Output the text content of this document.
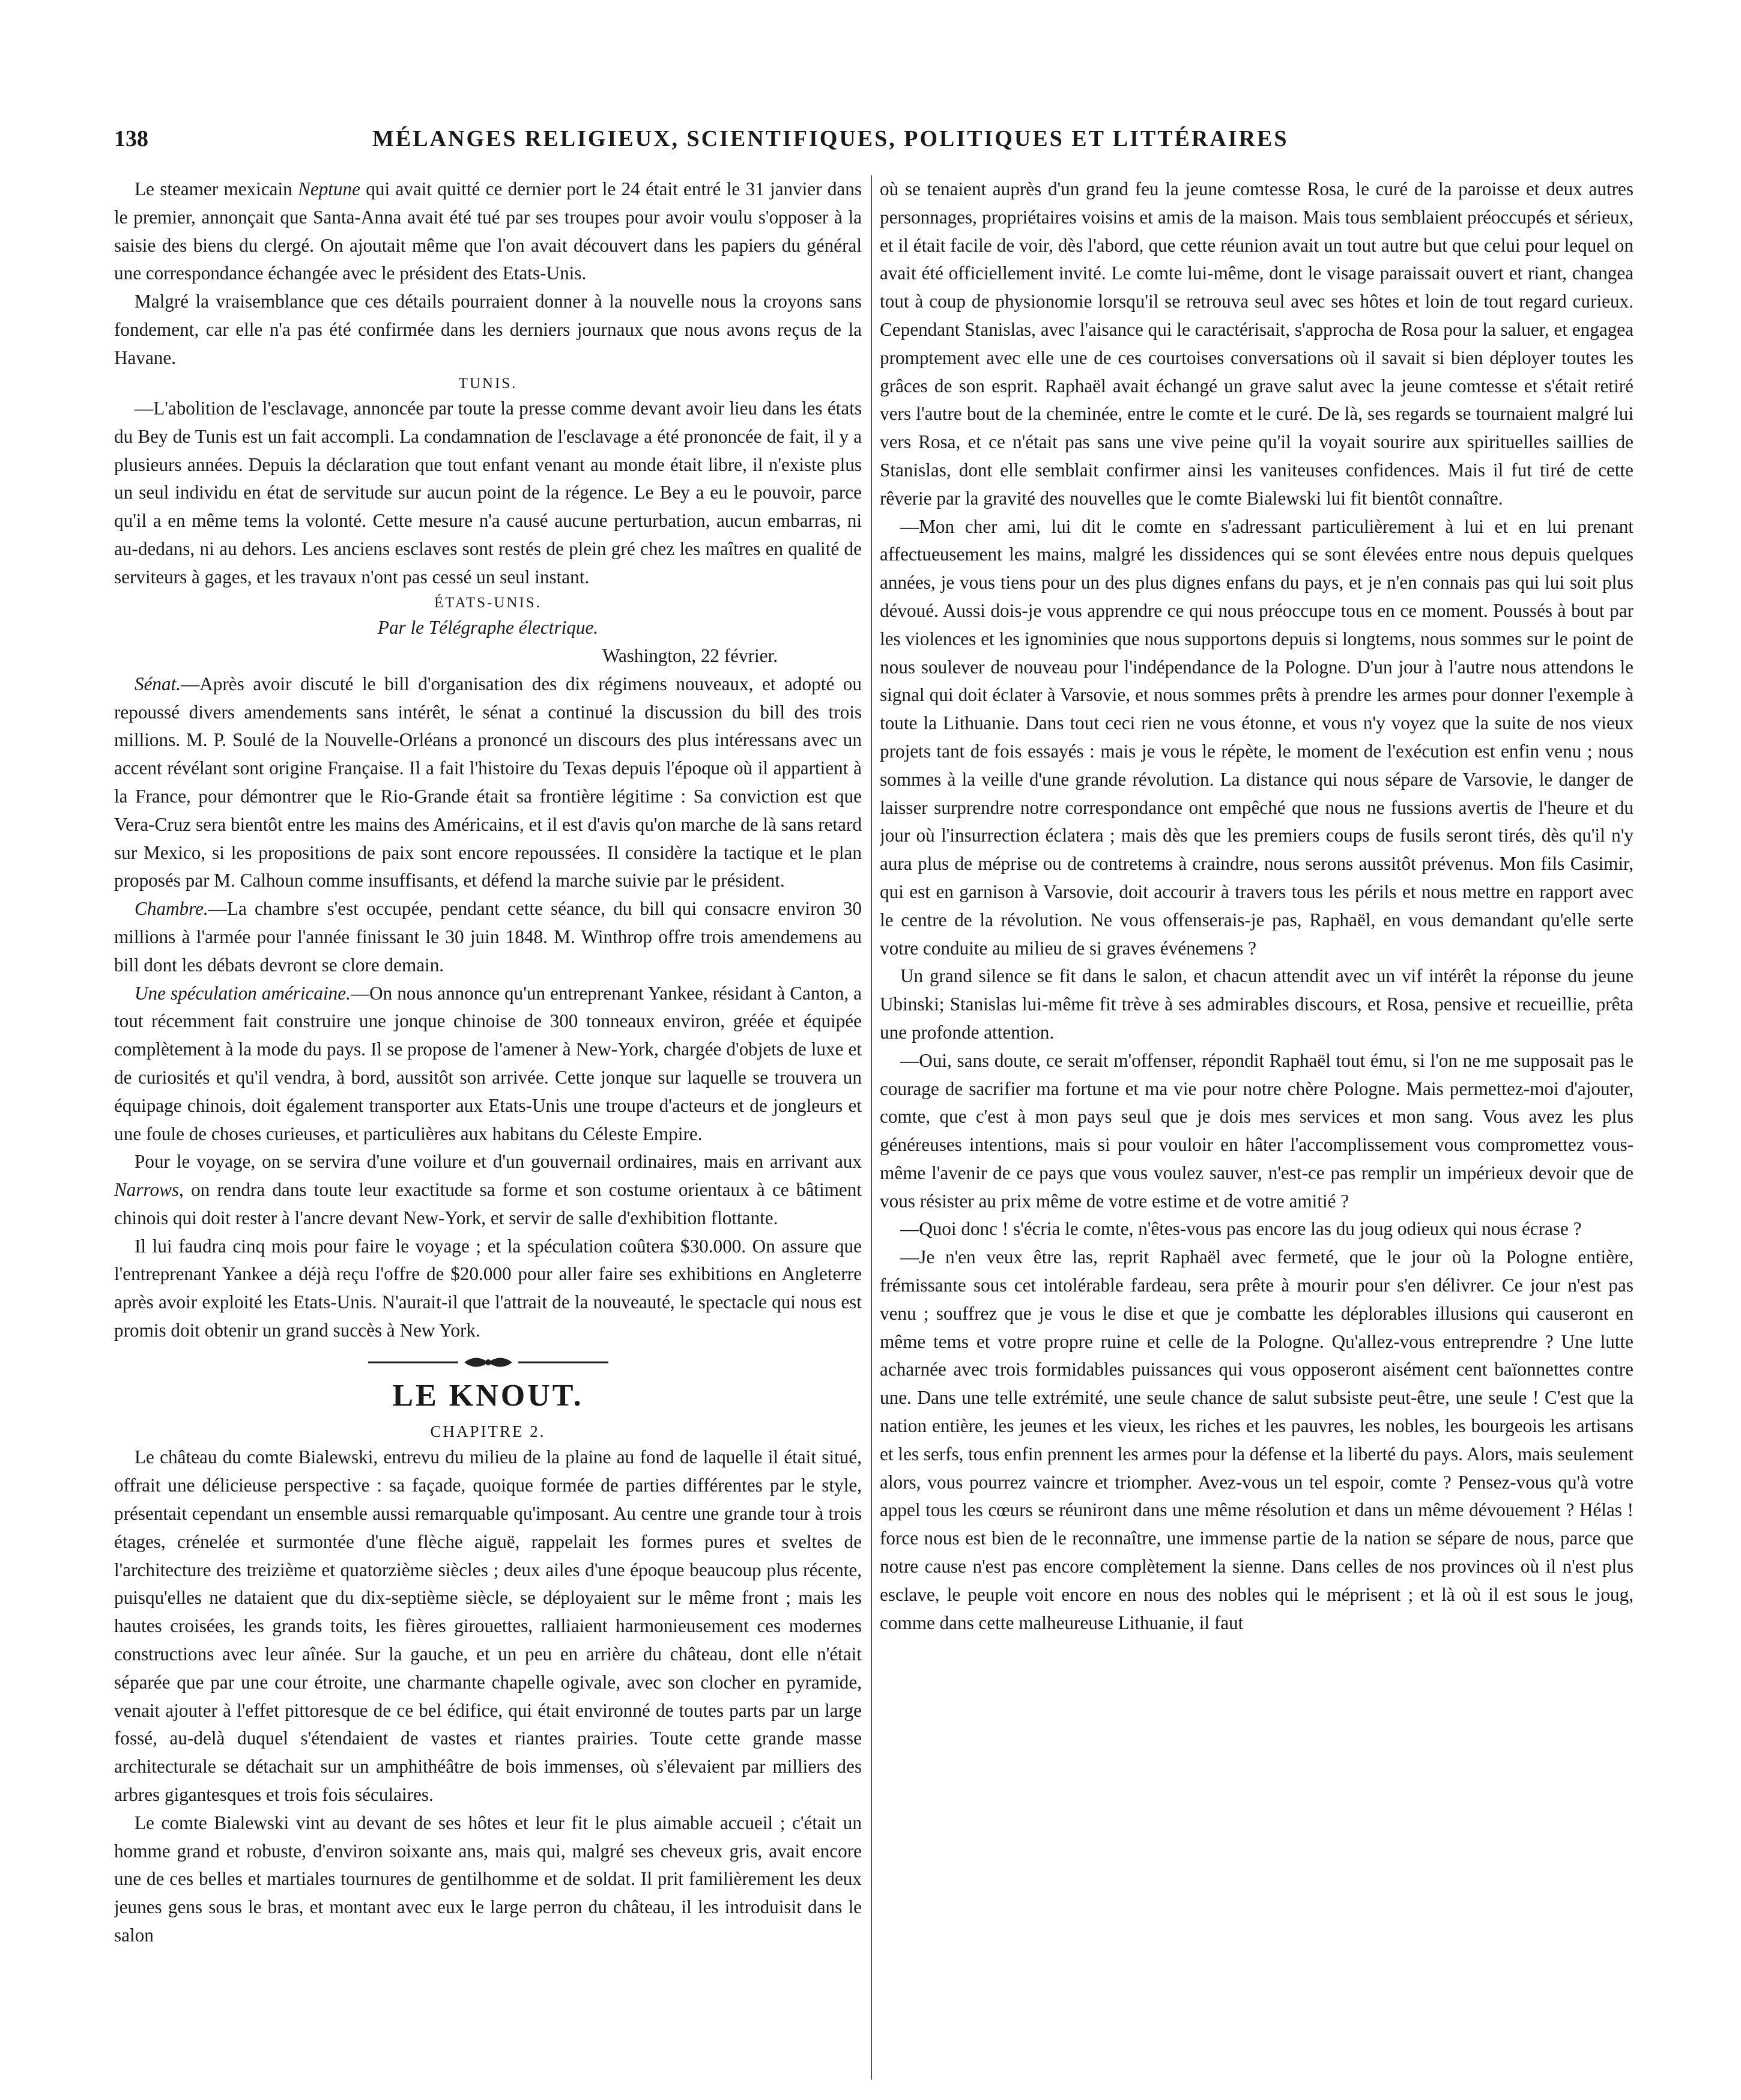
138	MÉLANGES RELIGIEUX, SCIENTIFIQUES, POLITIQUES ET LITTÉRAIRES

Le steamer mexicain Neptune qui avait quitté ce dernier port le 24 était entré le 31 janvier dans le premier, annonçait que Santa-Anna avait été tué par ses troupes pour avoir voulu s'opposer à la saisie des biens du clergé. On ajoutait même que l'on avait découvert dans les papiers du général une correspondance échangée avec le président des Etats-Unis.

Malgré la vraisemblance que ces détails pourraient donner à la nouvelle nous la croyons sans fondement, car elle n'a pas été confirmée dans les derniers journaux que nous avons reçus de la Havane.

TUNIS.

—L'abolition de l'esclavage, annoncée par toute la presse comme devant avoir lieu dans les états du Bey de Tunis est un fait accompli. La condamnation de l'esclavage a été prononcée de fait, il y a plusieurs années. Depuis la déclaration que tout enfant venant au monde était libre, il n'existe plus un seul individu en état de servitude sur aucun point de la régence. Le Bey a eu le pouvoir, parce qu'il a en même tems la volonté. Cette mesure n'a causé aucune perturbation, aucun embarras, ni au-dedans, ni au dehors. Les anciens esclaves sont restés de plein gré chez les maîtres en qualité de serviteurs à gages, et les travaux n'ont pas cessé un seul instant.

ÉTATS-UNIS.

Par le Télégraphe électrique.

Washington, 22 février.

Sénat.—Après avoir discuté le bill d'organisation des dix régimens nouveaux, et adopté ou repoussé divers amendements sans intérêt, le sénat a continué la discussion du bill des trois millions. M. P. Soulé de la Nouvelle-Orléans a prononcé un discours des plus intéressans avec un accent révélant sont origine Française. Il a fait l'histoire du Texas depuis l'époque où il appartient à la France, pour démontrer que le Rio-Grande était sa frontière légitime : Sa conviction est que Vera-Cruz sera bientôt entre les mains des Américains, et il est d'avis qu'on marche de là sans retard sur Mexico, si les propositions de paix sont encore repoussées. Il considère la tactique et le plan proposés par M. Calhoun comme insuffisants, et défend la marche suivie par le président.

Chambre.—La chambre s'est occupée, pendant cette séance, du bill qui consacre environ 30 millions à l'armée pour l'année finissant le 30 juin 1848. M. Winthrop offre trois amendemens au bill dont les débats devront se clore demain.

Une spéculation américaine.—On nous annonce qu'un entreprenant Yankee, résidant à Canton, a tout récemment fait construire une jonque chinoise de 300 tonneaux environ, gréée et équipée complètement à la mode du pays. Il se propose de l'amener à New-York, chargée d'objets de luxe et de curiosités et qu'il vendra, à bord, aussitôt son arrivée. Cette jonque sur laquelle se trouvera un équipage chinois, doit également transporter aux Etats-Unis une troupe d'acteurs et de jongleurs et une foule de choses curieuses, et particulières aux habitans du Céleste Empire.

Pour le voyage, on se servira d'une voilure et d'un gouvernail ordinaires, mais en arrivant aux Narrows, on rendra dans toute leur exactitude sa forme et son costume orientaux à ce bâtiment chinois qui doit rester à l'ancre devant New-York, et servir de salle d'exhibition flottante.

Il lui faudra cinq mois pour faire le voyage ; et la spéculation coûtera $30.000. On assure que l'entreprenant Yankee a déjà reçu l'offre de $20.000 pour aller faire ses exhibitions en Angleterre après avoir exploité les Etats-Unis. N'aurait-il que l'attrait de la nouveauté, le spectacle qui nous est promis doit obtenir un grand succès à New York.

LE KNOUT.

CHAPITRE 2.

Le château du comte Bialewski, entrevu du milieu de la plaine au fond de laquelle il était situé, offrait une délicieuse perspective : sa façade, quoique formée de parties différentes par le style, présentait cependant un ensemble aussi remarquable qu'imposant. Au centre une grande tour à trois étages, crénelée et surmontée d'une flèche aiguë, rappelait les formes pures et sveltes de l'architecture des treizième et quatorzième siècles ; deux ailes d'une époque beaucoup plus récente, puisqu'elles ne dataient que du dix-septième siècle, se déployaient sur le même front ; mais les hautes croisées, les grands toits, les fières girouettes, ralliaient harmonieusement ces modernes constructions avec leur aînée. Sur la gauche, et un peu en arrière du château, dont elle n'était séparée que par une cour étroite, une charmante chapelle ogivale, avec son clocher en pyramide, venait ajouter à l'effet pittoresque de ce bel édifice, qui était environné de toutes parts par un large fossé, au-delà duquel s'étendaient de vastes et riantes prairies. Toute cette grande masse architecturale se détachait sur un amphithéâtre de bois immenses, où s'élevaient par milliers des arbres gigantesques et trois fois séculaires.

Le comte Bialewski vint au devant de ses hôtes et leur fit le plus aimable accueil ; c'était un homme grand et robuste, d'environ soixante ans, mais qui, malgré ses cheveux gris, avait encore une de ces belles et martiales tournures de gentilhomme et de soldat. Il prit familièrement les deux jeunes gens sous le bras, et montant avec eux le large perron du château, il les introduisit dans le salon

où se tenaient auprès d'un grand feu la jeune comtesse Rosa, le curé de la paroisse et deux autres personnages, propriétaires voisins et amis de la maison. Mais tous semblaient préoccupés et sérieux, et il était facile de voir, dès l'abord, que cette réunion avait un tout autre but que celui pour lequel on avait été officiellement invité. Le comte lui-même, dont le visage paraissait ouvert et riant, changea tout à coup de physionomie lorsqu'il se retrouva seul avec ses hôtes et loin de tout regard curieux. Cependant Stanislas, avec l'aisance qui le caractérisait, s'approcha de Rosa pour la saluer, et engagea promptement avec elle une de ces courtoises conversations où il savait si bien déployer toutes les grâces de son esprit. Raphaël avait échangé un grave salut avec la jeune comtesse et s'était retiré vers l'autre bout de la cheminée, entre le comte et le curé. De là, ses regards se tournaient malgré lui vers Rosa, et ce n'était pas sans une vive peine qu'il la voyait sourire aux spirituelles saillies de Stanislas, dont elle semblait confirmer ainsi les vaniteuses confidences. Mais il fut tiré de cette rêverie par la gravité des nouvelles que le comte Bialewski lui fit bientôt connaître.

—Mon cher ami, lui dit le comte en s'adressant particulièrement à lui et en lui prenant affectueusement les mains, malgré les dissidences qui se sont élevées entre nous depuis quelques années, je vous tiens pour un des plus dignes enfans du pays, et je n'en connais pas qui lui soit plus dévoué. Aussi dois-je vous apprendre ce qui nous préoccupe tous en ce moment. Poussés à bout par les violences et les ignominies que nous supportons depuis si longtems, nous sommes sur le point de nous soulever de nouveau pour l'indépendance de la Pologne. D'un jour à l'autre nous attendons le signal qui doit éclater à Varsovie, et nous sommes prêts à prendre les armes pour donner l'exemple à toute la Lithuanie. Dans tout ceci rien ne vous étonne, et vous n'y voyez que la suite de nos vieux projets tant de fois essayés : mais je vous le répète, le moment de l'exécution est enfin venu ; nous sommes à la veille d'une grande révolution. La distance qui nous sépare de Varsovie, le danger de laisser surprendre notre correspondance ont empêché que nous ne fussions avertis de l'heure et du jour où l'insurrection éclatera ; mais dès que les premiers coups de fusils seront tirés, dès qu'il n'y aura plus de méprise ou de contretems à craindre, nous serons aussitôt prévenus. Mon fils Casimir, qui est en garnison à Varsovie, doit accourir à travers tous les périls et nous mettre en rapport avec le centre de la révolution. Ne vous offenserais-je pas, Raphaël, en vous demandant qu'elle serte votre conduite au milieu de si graves événemens ?

Un grand silence se fit dans le salon, et chacun attendit avec un vif intérêt la réponse du jeune Ubinski; Stanislas lui-même fit trève à ses admirables discours, et Rosa, pensive et recueillie, prêta une profonde attention.

—Oui, sans doute, ce serait m'offenser, répondit Raphaël tout ému, si l'on ne me supposait pas le courage de sacrifier ma fortune et ma vie pour notre chère Pologne. Mais permettez-moi d'ajouter, comte, que c'est à mon pays seul que je dois mes services et mon sang. Vous avez les plus généreuses intentions, mais si pour vouloir en hâter l'accomplissement vous compromettez vous-même l'avenir de ce pays que vous voulez sauver, n'est-ce pas remplir un impérieux devoir que de vous résister au prix même de votre estime et de votre amitié ?

—Quoi donc ! s'écria le comte, n'êtes-vous pas encore las du joug odieux qui nous écrase ?

—Je n'en veux être las, reprit Raphaël avec fermeté, que le jour où la Pologne entière, frémissante sous cet intolérable fardeau, sera prête à mourir pour s'en délivrer. Ce jour n'est pas venu ; souffrez que je vous le dise et que je combatte les déplorables illusions qui causeront en même tems et votre propre ruine et celle de la Pologne. Qu'allez-vous entreprendre ? Une lutte acharnée avec trois formidables puissances qui vous opposeront aisément cent baïonnettes contre une. Dans une telle extrémité, une seule chance de salut subsiste peut-être, une seule ! C'est que la nation entière, les jeunes et les vieux, les riches et les pauvres, les nobles, les bourgeois les artisans et les serfs, tous enfin prennent les armes pour la défense et la liberté du pays. Alors, mais seulement alors, vous pourrez vaincre et triompher. Avez-vous un tel espoir, comte ? Pensez-vous qu'à votre appel tous les cœurs se réuniront dans une même résolution et dans un même dévouement ? Hélas ! force nous est bien de le reconnaître, une immense partie de la nation se sépare de nous, parce que notre cause n'est pas encore complètement la sienne. Dans celles de nos provinces où il n'est plus esclave, le peuple voit encore en nous des nobles qui le méprisent ; et là où il est sous le joug, comme dans cette malheureuse Lithuanie, il faut
